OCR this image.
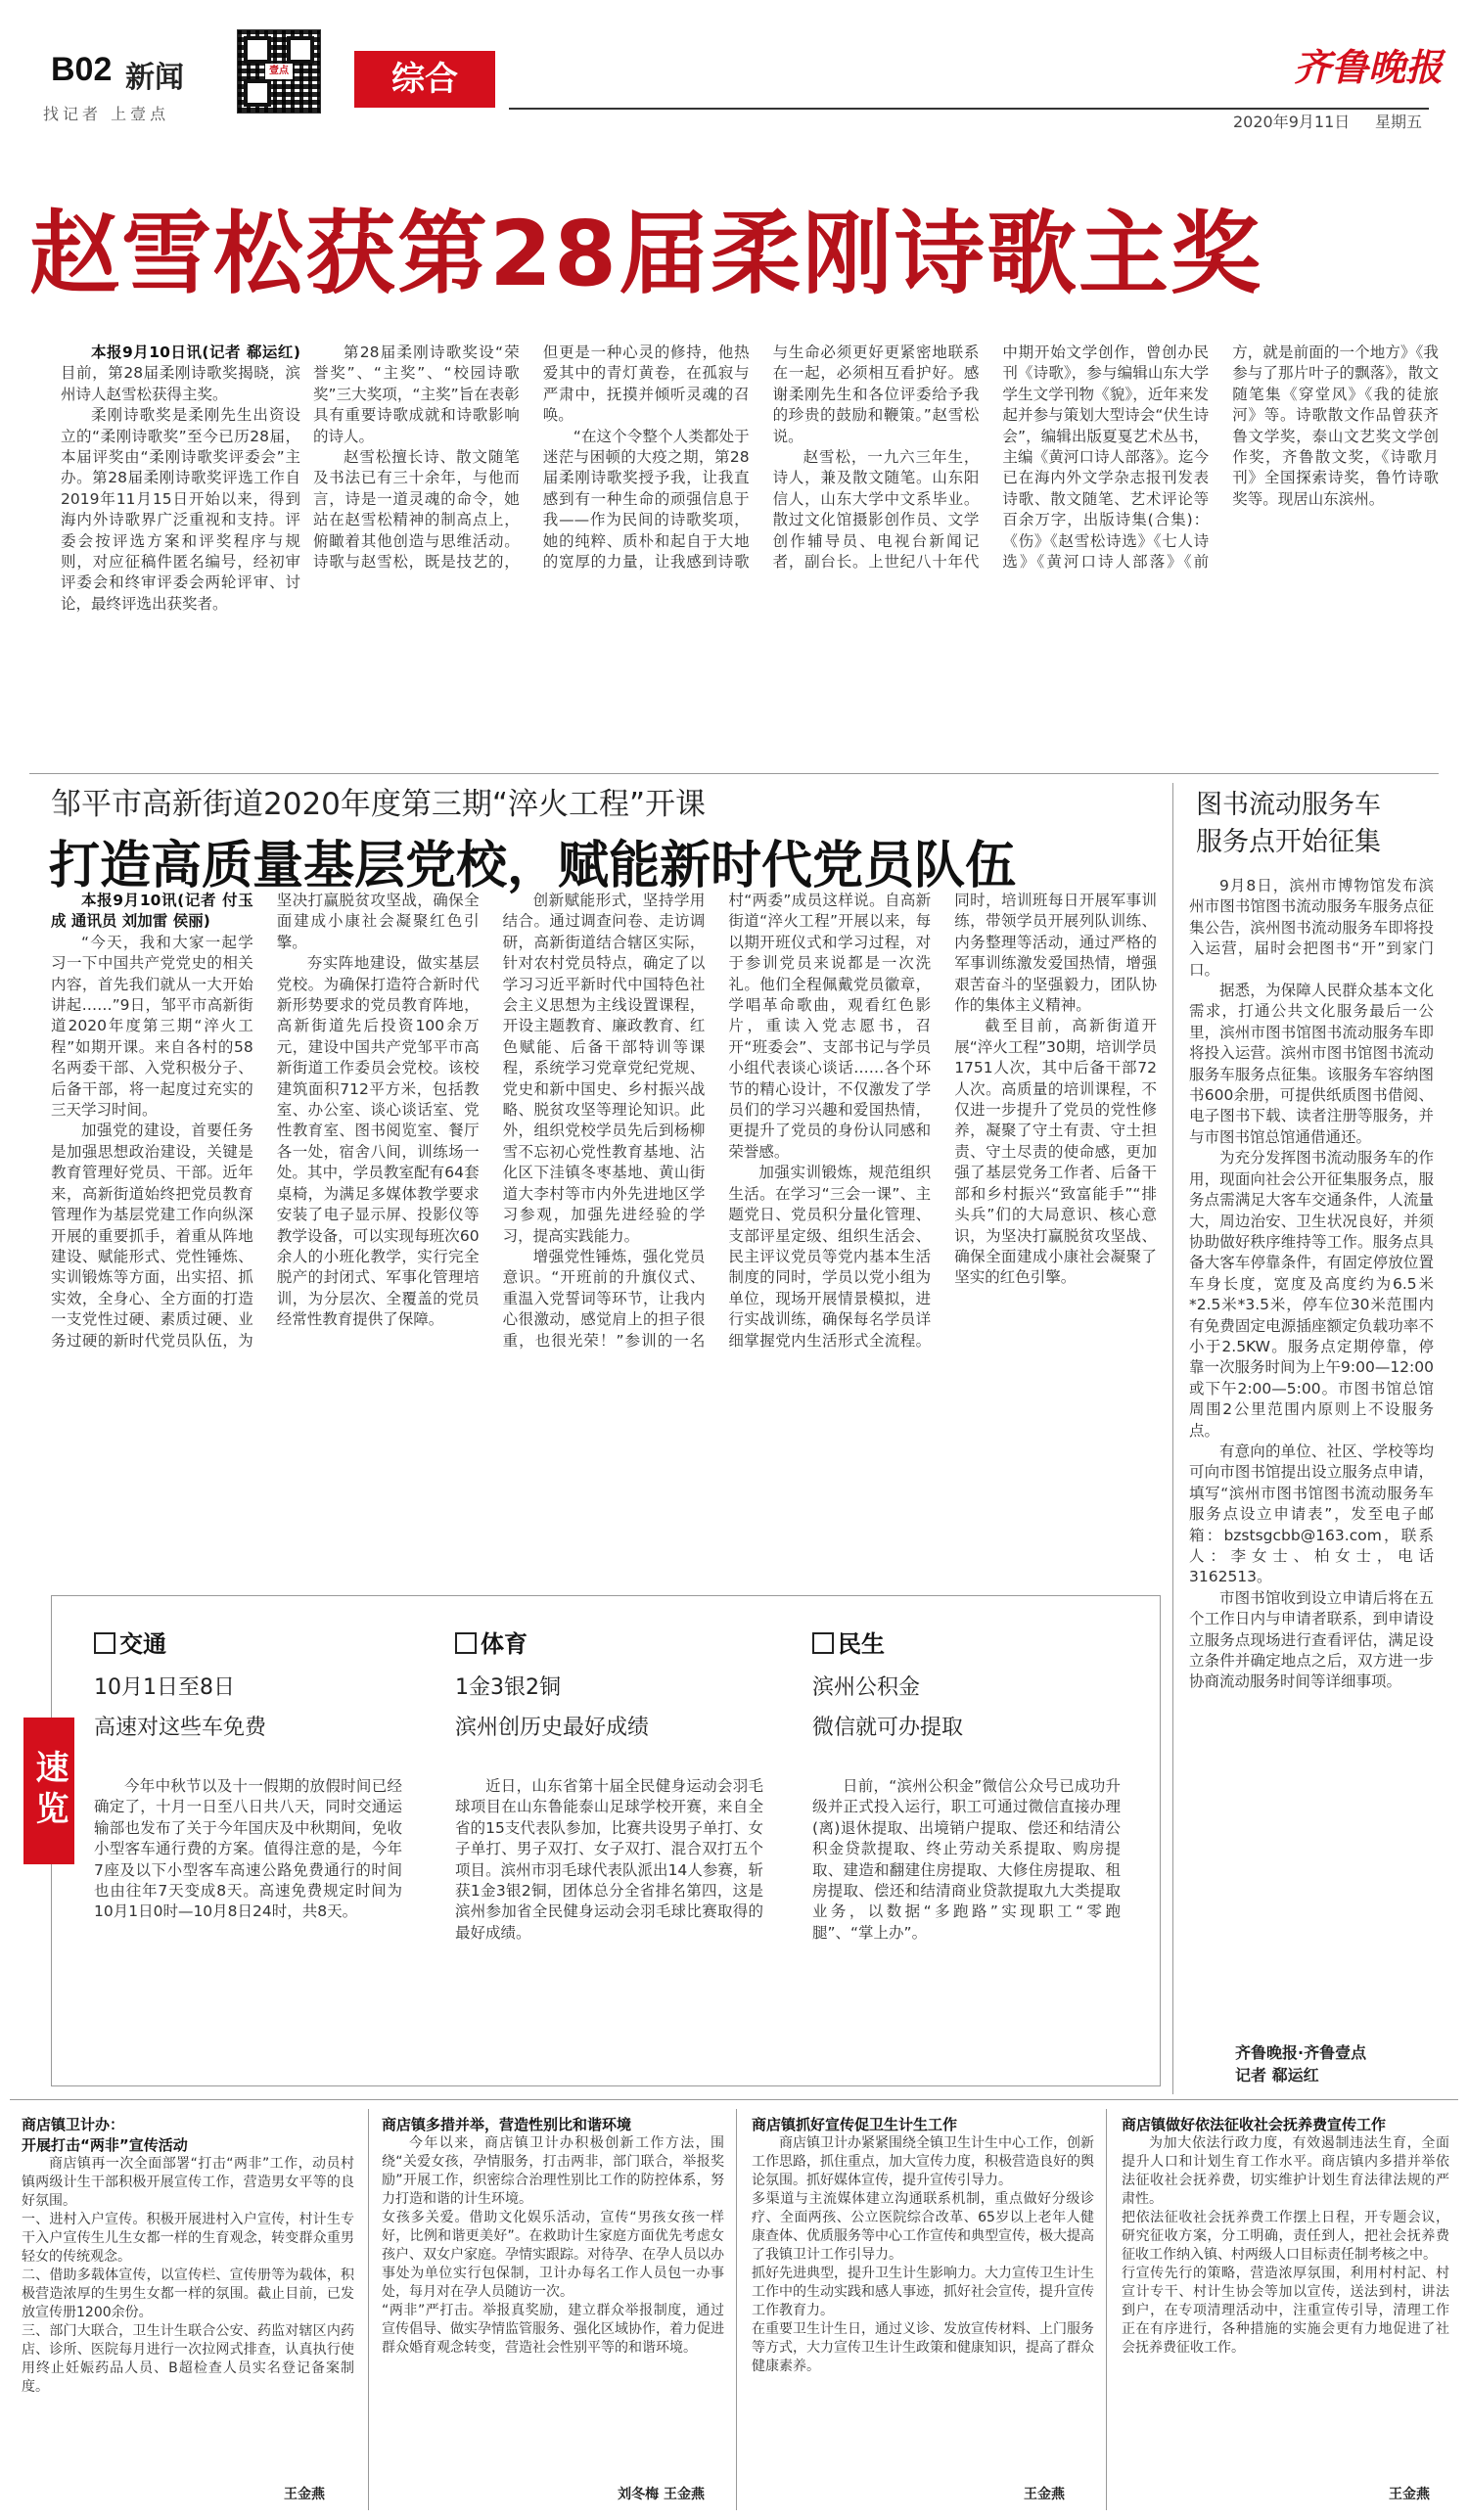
B02 新闻
找记者 上壹点
壹点	综合	齐鲁晚报
2020年9月11日 星期五
赵雪松获第28届柔刚诗歌主奖

本报9月10日讯(记者 郗运红)目前，第28届柔刚诗歌奖揭晓，滨州诗人赵雪松获得主奖。

柔刚诗歌奖是柔刚先生出资设立的“柔刚诗歌奖”至今已历28届，本届评奖由“柔刚诗歌奖评委会”主办。第28届柔刚诗歌奖评选工作自2019年11月15日开始以来，得到海内外诗歌界广泛重视和支持。评委会按评选方案和评奖程序与规则，对应征稿件匿名编号，经初审评委会和终审评委会两轮评审、讨论，最终评选出获奖者。

第28届柔刚诗歌奖设“荣誉奖”、“主奖”、“校园诗歌奖”三大奖项，“主奖”旨在表彰具有重要诗歌成就和诗歌影响的诗人。

赵雪松擅长诗、散文随笔及书法已有三十余年，与他而言，诗是一道灵魂的命令，她站在赵雪松精神的制高点上，俯瞰着其他创造与思维活动。诗歌与赵雪松，既是技艺的，但更是一种心灵的修持，他热爱其中的青灯黄卷，在孤寂与严肃中，抚摸并倾听灵魂的召唤。

“在这个令整个人类都处于迷茫与困顿的大疫之期，第28届柔刚诗歌奖授予我，让我直感到有一种生命的顽强信息于我——作为民间的诗歌奖项，她的纯粹、质朴和起自于大地的宽厚的力量，让我感到诗歌与生命必须更好更紧密地联系在一起，必须相互看护好。感谢柔刚先生和各位评委给予我的珍贵的鼓励和鞭策。”赵雪松说。

赵雪松，一九六三年生，诗人，兼及散文随笔。山东阳信人，山东大学中文系毕业。散过文化馆摄影创作员、文学创作辅导员、电视台新闻记者，副台长。上世纪八十年代中期开始文学创作，曾创办民刊《诗歌》，参与编辑山东大学学生文学刊物《貌》，近年来发起并参与策划大型诗会“伏生诗会”，编辑出版夏戛艺术丛书，主编《黄河口诗人部落》。迄今已在海内外文学杂志报刊发表诗歌、散文随笔、艺术评论等百余万字，出版诗集(合集)：《伤》《赵雪松诗选》《七人诗选》《黄河口诗人部落》《前方，就是前面的一个地方》《我参与了那片叶子的飘落》，散文随笔集《穿堂风》《我的徒旅河》等。诗歌散文作品曾获齐鲁文学奖，泰山文艺奖文学创作奖，齐鲁散文奖，《诗歌月刊》全国探索诗奖，鲁竹诗歌奖等。现居山东滨州。

邹平市高新街道2020年度第三期“淬火工程”开课
打造高质量基层党校，赋能新时代党员队伍

本报9月10讯(记者 付玉成 通讯员 刘加雷 侯丽)

“今天，我和大家一起学习一下中国共产党党史的相关内容，首先我们就从一大开始讲起……”9日，邹平市高新街道2020年度第三期“淬火工程”如期开课。来自各村的58名两委干部、入党积极分子、后备干部，将一起度过充实的三天学习时间。

加强党的建设，首要任务是加强思想政治建设，关键是教育管理好党员、干部。近年来，高新街道始终把党员教育管理作为基层党建工作向纵深开展的重要抓手，着重从阵地建设、赋能形式、党性锤炼、实训锻炼等方面，出实招、抓实效，全身心、全方面的打造一支党性过硬、素质过硬、业务过硬的新时代党员队伍，为坚决打赢脱贫攻坚战，确保全面建成小康社会凝聚红色引擎。

夯实阵地建设，做实基层党校。为确保打造符合新时代新形势要求的党员教育阵地，高新街道先后投资100余万元，建设中国共产党邹平市高新街道工作委员会党校。该校建筑面积712平方米，包括教室、办公室、谈心谈话室、党性教育室、图书阅览室、餐厅各一处，宿舍八间，训练场一处。其中，学员教室配有64套桌椅，为满足多媒体教学要求安装了电子显示屏、投影仪等教学设备，可以实现每班次60余人的小班化教学，实行完全脱产的封闭式、军事化管理培训，为分层次、全覆盖的党员经常性教育提供了保障。

创新赋能形式，坚持学用结合。通过调查问卷、走访调研，高新街道结合辖区实际，针对农村党员特点，确定了以学习习近平新时代中国特色社会主义思想为主线设置课程，开设主题教育、廉政教育、红色赋能、后备干部特训等课程，系统学习党章党纪党规、党史和新中国史、乡村振兴战略、脱贫攻坚等理论知识。此外，组织党校学员先后到杨柳雪不忘初心党性教育基地、沾化区下洼镇冬枣基地、黄山街道大李村等市内外先进地区学习参观，加强先进经验的学习，提高实践能力。

增强党性锤炼，强化党员意识。“开班前的升旗仪式、重温入党誓词等环节，让我内心很激动，感觉肩上的担子很重，也很光荣！”参训的一名村“两委”成员这样说。自高新街道“淬火工程”开展以来，每以期开班仪式和学习过程，对于参训党员来说都是一次洗礼。他们全程佩戴党员徽章，学唱革命歌曲，观看红色影片，重读入党志愿书，召开“班委会”、支部书记与学员小组代表谈心谈话……各个环节的精心设计，不仅激发了学员们的学习兴趣和爱国热情，更提升了党员的身份认同感和荣誉感。

加强实训锻炼，规范组织生活。在学习“三会一课”、主题党日、党员积分量化管理、支部评星定级、组织生活会、民主评议党员等党内基本生活制度的同时，学员以党小组为单位，现场开展情景模拟，进行实战训练，确保每名学员详细掌握党内生活形式全流程。同时，培训班每日开展军事训练，带领学员开展列队训练、内务整理等活动，通过严格的军事训练激发爱国热情，增强艰苦奋斗的坚强毅力，团队协作的集体主义精神。

截至目前，高新街道开展“淬火工程”30期，培训学员1751人次，其中后备干部72人次。高质量的培训课程，不仅进一步提升了党员的党性修养，凝聚了守土有责、守土担责、守土尽责的使命感，更加强了基层党务工作者、后备干部和乡村振兴“致富能手”“排头兵”们的大局意识、核心意识，为坚决打赢脱贫攻坚战、确保全面建成小康社会凝聚了坚实的红色引擎。

图书流动服务车
服务点开始征集

9月8日，滨州市博物馆发布滨州市图书馆图书流动服务车服务点征集公告，滨州图书流动服务车即将投入运营，届时会把图书“开”到家门口。

据悉，为保障人民群众基本文化需求，打通公共文化服务最后一公里，滨州市图书馆图书流动服务车即将投入运营。滨州市图书馆图书流动服务车服务点征集。该服务车容纳图书600余册，可提供纸质图书借阅、电子图书下载、读者注册等服务，并与市图书馆总馆通借通还。

为充分发挥图书流动服务车的作用，现面向社会公开征集服务点，服务点需满足大客车交通条件，人流量大，周边治安、卫生状况良好，并须协助做好秩序维持等工作。服务点具备大客车停靠条件，有固定停放位置车身长度，宽度及高度约为6.5米*2.5米*3.5米，停车位30米范围内有免费固定电源插座额定负载功率不小于2.5KW。服务点定期停靠，停靠一次服务时间为上午9:00—12:00或下午2:00—5:00。市图书馆总馆周围2公里范围内原则上不设服务点。

有意向的单位、社区、学校等均可向市图书馆提出设立服务点申请，填写“滨州市图书馆图书流动服务车服务点设立申请表”，发至电子邮箱：bzstsgcbb@163.com，联系人：李女士、柏女士，电话3162513。

市图书馆收到设立申请后将在五个工作日内与申请者联系，到申请设立服务点现场进行查看评估，满足设立条件并确定地点之后，双方进一步协商流动服务时间等详细事项。

齐鲁晚报·齐鲁壹点
记者 郗运红
速览
交通
10月1日至8日
高速对这些车免费

今年中秋节以及十一假期的放假时间已经确定了，十月一日至八日共八天，同时交通运输部也发布了关于今年国庆及中秋期间，免收小型客车通行费的方案。值得注意的是，今年7座及以下小型客车高速公路免费通行的时间也由往年7天变成8天。高速免费规定时间为10月1日0时—10月8日24时，共8天。

体育
1金3银2铜
滨州创历史最好成绩

近日，山东省第十届全民健身运动会羽毛球项目在山东鲁能泰山足球学校开赛，来自全省的15支代表队参加，比赛共设男子单打、女子单打、男子双打、女子双打、混合双打五个项目。滨州市羽毛球代表队派出14人参赛，斩获1金3银2铜，团体总分全省排名第四，这是滨州参加省全民健身运动会羽毛球比赛取得的最好成绩。

民生
滨州公积金
微信就可办提取

日前，“滨州公积金”微信公众号已成功升级并正式投入运行，职工可通过微信直接办理(离)退休提取、出境销户提取、偿还和结清公积金贷款提取、终止劳动关系提取、购房提取、建造和翻建住房提取、大修住房提取、租房提取、偿还和结清商业贷款提取九大类提取业务，以数据“多跑路”实现职工“零跑腿”、“掌上办”。

商店镇卫计办：
开展打击“两非”宣传活动
商店镇再一次全面部署“打击“两非”工作，动员村镇两级计生干部积极开展宣传工作，营造男女平等的良好氛围。
一、进村入户宣传。积极开展进村入户宣传，村计生专干入户宣传生儿生女都一样的生育观念，转变群众重男轻女的传统观念。
二、借助多载体宣传，以宣传栏、宣传册等为载体，积极营造浓厚的生男生女都一样的氛围。截止目前，已发放宣传册1200余份。
三、部门大联合，卫生计生联合公安、药监对辖区内药店、诊所、医院每月进行一次拉网式排查，认真执行使用终止妊娠药品人员、B超检查人员实名登记备案制度。
王金燕
商店镇多措并举，营造性别比和谐环境
今年以来，商店镇卫计办积极创新工作方法，围绕“关爱女孩，孕情服务，打击两非，部门联合，举报奖励”开展工作，织密综合治理性别比工作的防控体系，努力打造和谐的计生环境。
女孩多关爱。借助文化娱乐活动，宣传“男孩女孩一样好，比例和谐更美好”。在救助计生家庭方面优先考虑女孩户、双女户家庭。孕情实跟踪。对待孕、在孕人员以办事处为单位实行包保制，卫计办每名工作人员包一办事处，每月对在孕人员随访一次。
“两非”严打击。举报真奖励，建立群众举报制度，通过宣传倡导、做实孕情监管服务、强化区域协作，着力促进群众婚育观念转变，营造社会性别平等的和谐环境。
刘冬梅 王金燕
商店镇抓好宣传促卫生计生工作
商店镇卫计办紧紧围绕全镇卫生计生中心工作，创新工作思路，抓住重点，加大宣传力度，积极营造良好的舆论氛围。抓好媒体宣传，提升宣传引导力。
多渠道与主流媒体建立沟通联系机制，重点做好分级诊疗、全面两孩、公立医院综合改革、65岁以上老年人健康查体、优质服务等中心工作宣传和典型宣传，极大提高了我镇卫计工作引导力。
抓好先进典型，提升卫生计生影响力。大力宣传卫生计生工作中的生动实践和感人事迹，抓好社会宣传，提升宣传工作教育力。
在重要卫生计生日，通过义诊、发放宣传材料、上门服务等方式，大力宣传卫生计生政策和健康知识，提高了群众健康素养。
王金燕
商店镇做好依法征收社会抚养费宣传工作
为加大依法行政力度，有效遏制违法生育，全面提升人口和计划生育工作水平。商店镇内多措并举依法征收社会抚养费，切实维护计划生育法律法规的严肃性。
把依法征收社会抚养费工作摆上日程，开专题会议，研究征收方案，分工明确，责任到人，把社会抚养费征收工作纳入镇、村两级人口目标责任制考核之中。
行宣传先行的策略，营造浓厚氛围，利用村村記、村宣计专干、村计生协会等加以宣传，送法到村，讲法到户，在专项清理活动中，注重宣传引导，清理工作正在有序进行，各种措施的实施会更有力地促进了社会抚养费征收工作。
王金燕
